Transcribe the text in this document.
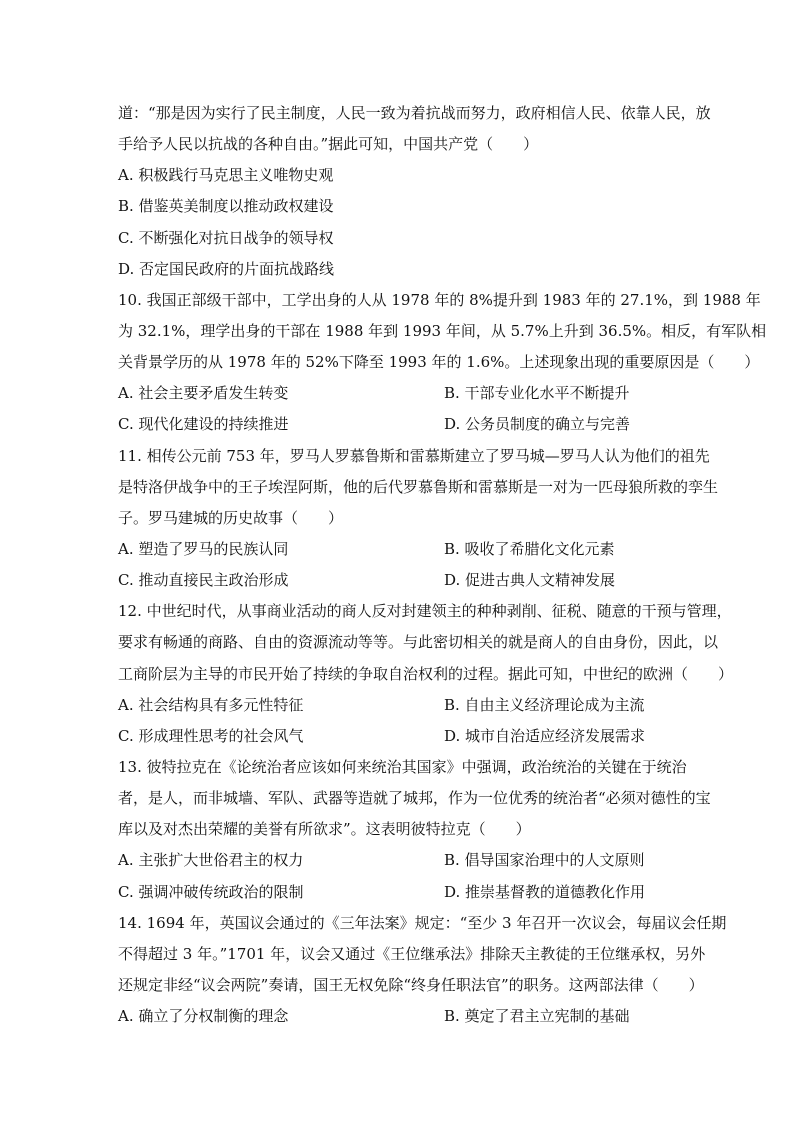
道：“那是因为实行了民主制度，人民一致为着抗战而努力，政府相信人民、依靠人民，放
手给予人民以抗战的各种自由。”据此可知，中国共产党（　　）
A. 积极践行马克思主义唯物史观
B. 借鉴英美制度以推动政权建设
C. 不断强化对抗日战争的领导权
D. 否定国民政府的片面抗战路线
10. 我国正部级干部中，工学出身的人从 1978 年的 8%提升到 1983 年的 27.1%，到 1988 年
为 32.1%，理学出身的干部在 1988 年到 1993 年间，从 5.7%上升到 36.5%。相反，有军队相
关背景学历的从 1978 年的 52%下降至 1993 年的 1.6%。上述现象出现的重要原因是（　　）
A. 社会主要矛盾发生转变	B. 干部专业化水平不断提升
C. 现代化建设的持续推进	D. 公务员制度的确立与完善
11. 相传公元前 753 年，罗马人罗慕鲁斯和雷慕斯建立了罗马城—罗马人认为他们的祖先
是特洛伊战争中的王子埃涅阿斯，他的后代罗慕鲁斯和雷慕斯是一对为一匹母狼所救的孪生
子。罗马建城的历史故事（　　）
A. 塑造了罗马的民族认同	B. 吸收了希腊化文化元素
C. 推动直接民主政治形成	D. 促进古典人文精神发展
12. 中世纪时代，从事商业活动的商人反对封建领主的种种剥削、征税、随意的干预与管理，
要求有畅通的商路、自由的资源流动等等。与此密切相关的就是商人的自由身份，因此，以
工商阶层为主导的市民开始了持续的争取自治权利的过程。据此可知，中世纪的欧洲（　　）
A. 社会结构具有多元性特征	B. 自由主义经济理论成为主流
C. 形成理性思考的社会风气	D. 城市自治适应经济发展需求
13. 彼特拉克在《论统治者应该如何来统治其国家》中强调，政治统治的关键在于统治
者，是人，而非城墙、军队、武器等造就了城邦，作为一位优秀的统治者“必须对德性的宝
库以及对杰出荣耀的美誉有所欲求”。这表明彼特拉克（　　）
A. 主张扩大世俗君主的权力	B. 倡导国家治理中的人文原则
C. 强调冲破传统政治的限制	D. 推崇基督教的道德教化作用
14. 1694 年，英国议会通过的《三年法案》规定：“至少 3 年召开一次议会，每届议会任期
不得超过 3 年。”1701 年，议会又通过《王位继承法》排除天主教徒的王位继承权，另外
还规定非经“议会两院”奏请，国王无权免除“终身任职法官”的职务。这两部法律（　　）
A. 确立了分权制衡的理念	B. 奠定了君主立宪制的基础
